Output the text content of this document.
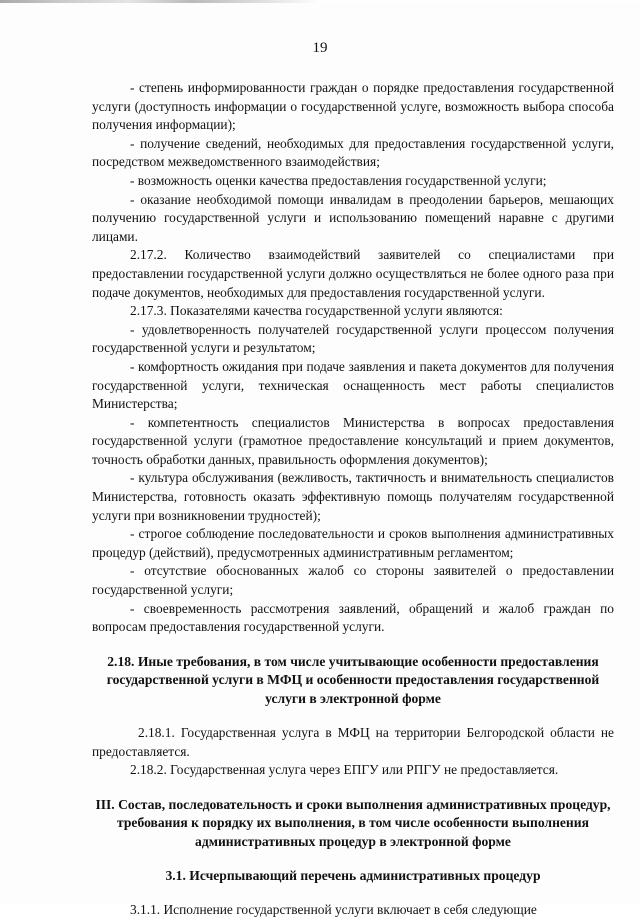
19

- степень информированности граждан о порядке предоставления государственной услуги (доступность информации о государственной услуге, возможность выбора способа получения информации);

- получение сведений, необходимых для предоставления государственной услуги, посредством межведомственного взаимодействия;

- возможность оценки качества предоставления государственной услуги;

- оказание необходимой помощи инвалидам в преодолении барьеров, мешающих получению государственной услуги и использованию помещений наравне с другими лицами.

2.17.2. Количество взаимодействий заявителей со специалистами при предоставлении государственной услуги должно осуществляться не более одного раза при подаче документов, необходимых для предоставления государственной услуги.

2.17.3. Показателями качества государственной услуги являются:

- удовлетворенность получателей государственной услуги процессом получения государственной услуги и результатом;

- комфортность ожидания при подаче заявления и пакета документов для получения государственной услуги, техническая оснащенность мест работы специалистов Министерства;

- компетентность специалистов Министерства в вопросах предоставления государственной услуги (грамотное предоставление консультаций и прием документов, точность обработки данных, правильность оформления документов);

- культура обслуживания (вежливость, тактичность и внимательность специалистов Министерства, готовность оказать эффективную помощь получателям государственной услуги при возникновении трудностей);

- строгое соблюдение последовательности и сроков выполнения административных процедур (действий), предусмотренных административным регламентом;

- отсутствие обоснованных жалоб со стороны заявителей о предоставлении государственной услуги;

- своевременность рассмотрения заявлений, обращений и жалоб граждан по вопросам предоставления государственной услуги.

2.18. Иные требования, в том числе учитывающие особенности предоставления государственной услуги в МФЦ и особенности предоставления государственной услуги в электронной форме

2.18.1. Государственная услуга в МФЦ на территории Белгородской области не предоставляется.

2.18.2. Государственная услуга через ЕПГУ или РПГУ не предоставляется.

III. Состав, последовательность и сроки выполнения административных процедур, требования к порядку их выполнения, в том числе особенности выполнения административных процедур в электронной форме
3.1. Исчерпывающий перечень административных процедур

3.1.1. Исполнение государственной услуги включает в себя следующие
